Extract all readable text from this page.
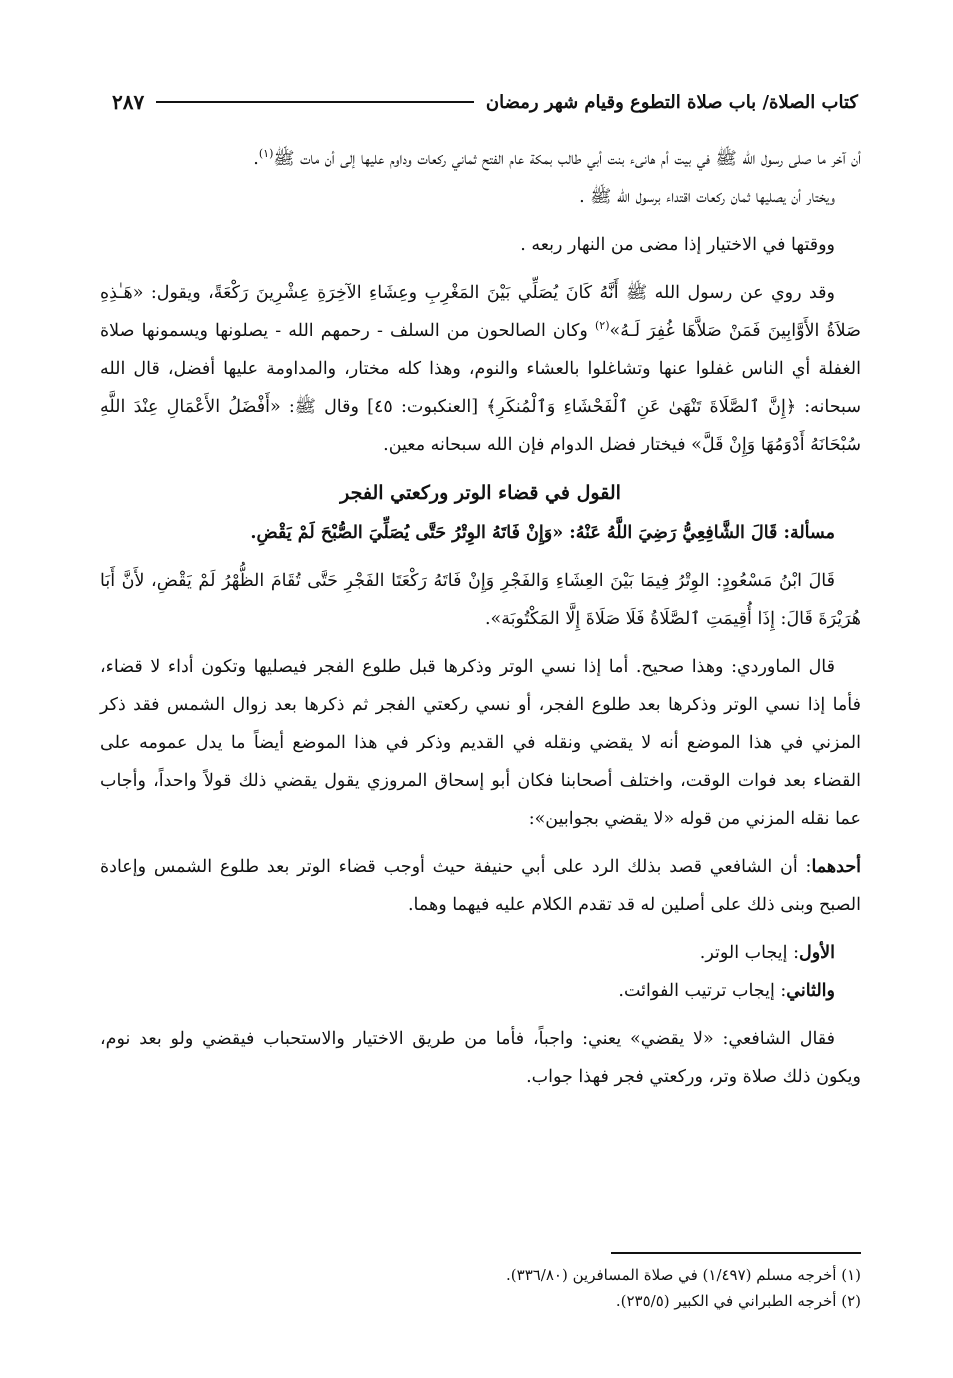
كتاب الصلاة/ باب صلاة التطوع وقيام شهر رمضان
٢٨٧

أن آخر ما صلى رسول الله ﷺ في بيت أم هانىء بنت أبي طالب بمكة عام الفتح ثماني ركعات وداوم عليها إلى أن مات ﷺ$^{(١)}$.

ويختار أن يصليها ثمان ركعات اقتداء برسول الله ﷺ .

ووقتها في الاختيار إذا مضى من النهار ربعه .

وقد روي عن رسول الله ﷺ أَنَّهُ كَانَ يُصَلِّي بَيْنَ المَغْرِبِ وعِشَاءِ الآخِرَةِ عِشْرِينَ رَكْعَةً، ويقول: «هَـٰذِهِ صَلاَةُ الأَوَّابِينَ فَمَنْ صَلاَّهَا غُفِرَ لَـهُ»$^{(٢)}$ وكان الصالحون من السلف - رحمهم الله - يصلونها ويسمونها صلاة الغفلة أي الناس غفلوا عنها وتشاغلوا بالعشاء والنوم، وهذا كله مختار، والمداومة عليها أفضل، قال الله سبحانه: ﴿إِنَّ ٱلصَّلَاةَ تَنْهَىٰ عَنِ ٱلْفَحْشَاءِ وَٱلْمُنكَرِ﴾ [العنكبوت: ٤٥] وقال ﷺ: «أَفْضَلُ الأَعْمَالِ عِنْدَ اللَّهِ سُبْحَانَهُ أَدْوَمُهَا وَإِنْ قَلَّ» فيختار فضل الدوام فإن الله سبحانه معين.

القول في قضاء الوتر وركعتي الفجر

مسألة: قَالَ الشَّافِعِيُّ رَضِيَ اللَّهُ عَنْهُ: «وَإِنْ فَاتَهُ الوِتْرُ حَتَّى يُصَلِّيَ الصُّبْحَ لَمْ يَقْضِ.

قَالَ ابْنُ مَسْعُودٍ: الوِتْرُ فِيمَا بَيْنَ العِشَاءِ وَالفَجْرِ وَإِنْ فَاتَهُ رَكْعَتَا الفَجْرِ حَتَّى تُقَامَ الظُّهْرُ لَمْ يَقْضِ، لأَنَّ أَبَا هُرَيْرَةَ قَالَ: إِذَا أُقِيمَتِ ٱلصَّلَاةُ فَلَا صَلَاةَ إِلَّا المَكْتُوبَة».

قال الماوردي: وهذا صحيح. أما إذا نسي الوتر وذكرها قبل طلوع الفجر فيصليها وتكون أداء لا قضاء، فأما إذا نسي الوتر وذكرها بعد طلوع الفجر، أو نسي ركعتي الفجر ثم ذكرها بعد زوال الشمس فقد ذكر المزني في هذا الموضع أنه لا يقضي ونقله في القديم وذكر في هذا الموضع أيضاً ما يدل عمومه على القضاء بعد فوات الوقت، واختلف أصحابنا فكان أبو إسحاق المروزي يقول يقضي ذلك قولاً واحداً، وأجاب عما نقله المزني من قوله «لا يقضي بجوابين»:

أحدهما: أن الشافعي قصد بذلك الرد على أبي حنيفة حيث أوجب قضاء الوتر بعد طلوع الشمس وإعادة الصبح وبنى ذلك على أصلين له قد تقدم الكلام عليه فيهما وهما.

الأول: إيجاب الوتر.

والثاني: إيجاب ترتيب الفوائت.

فقال الشافعي: «لا يقضي» يعني: واجباً، فأما من طريق الاختيار والاستحباب فيقضي ولو بعد نوم، ويكون ذلك صلاة وتر، وركعتي فجر فهذا جواب.

(١) أخرجه مسلم (١/٤٩٧) في صلاة المسافرين (٣٣٦/٨٠).

(٢) أخرجه الطبراني في الكبير (٢٣٥/٥).
